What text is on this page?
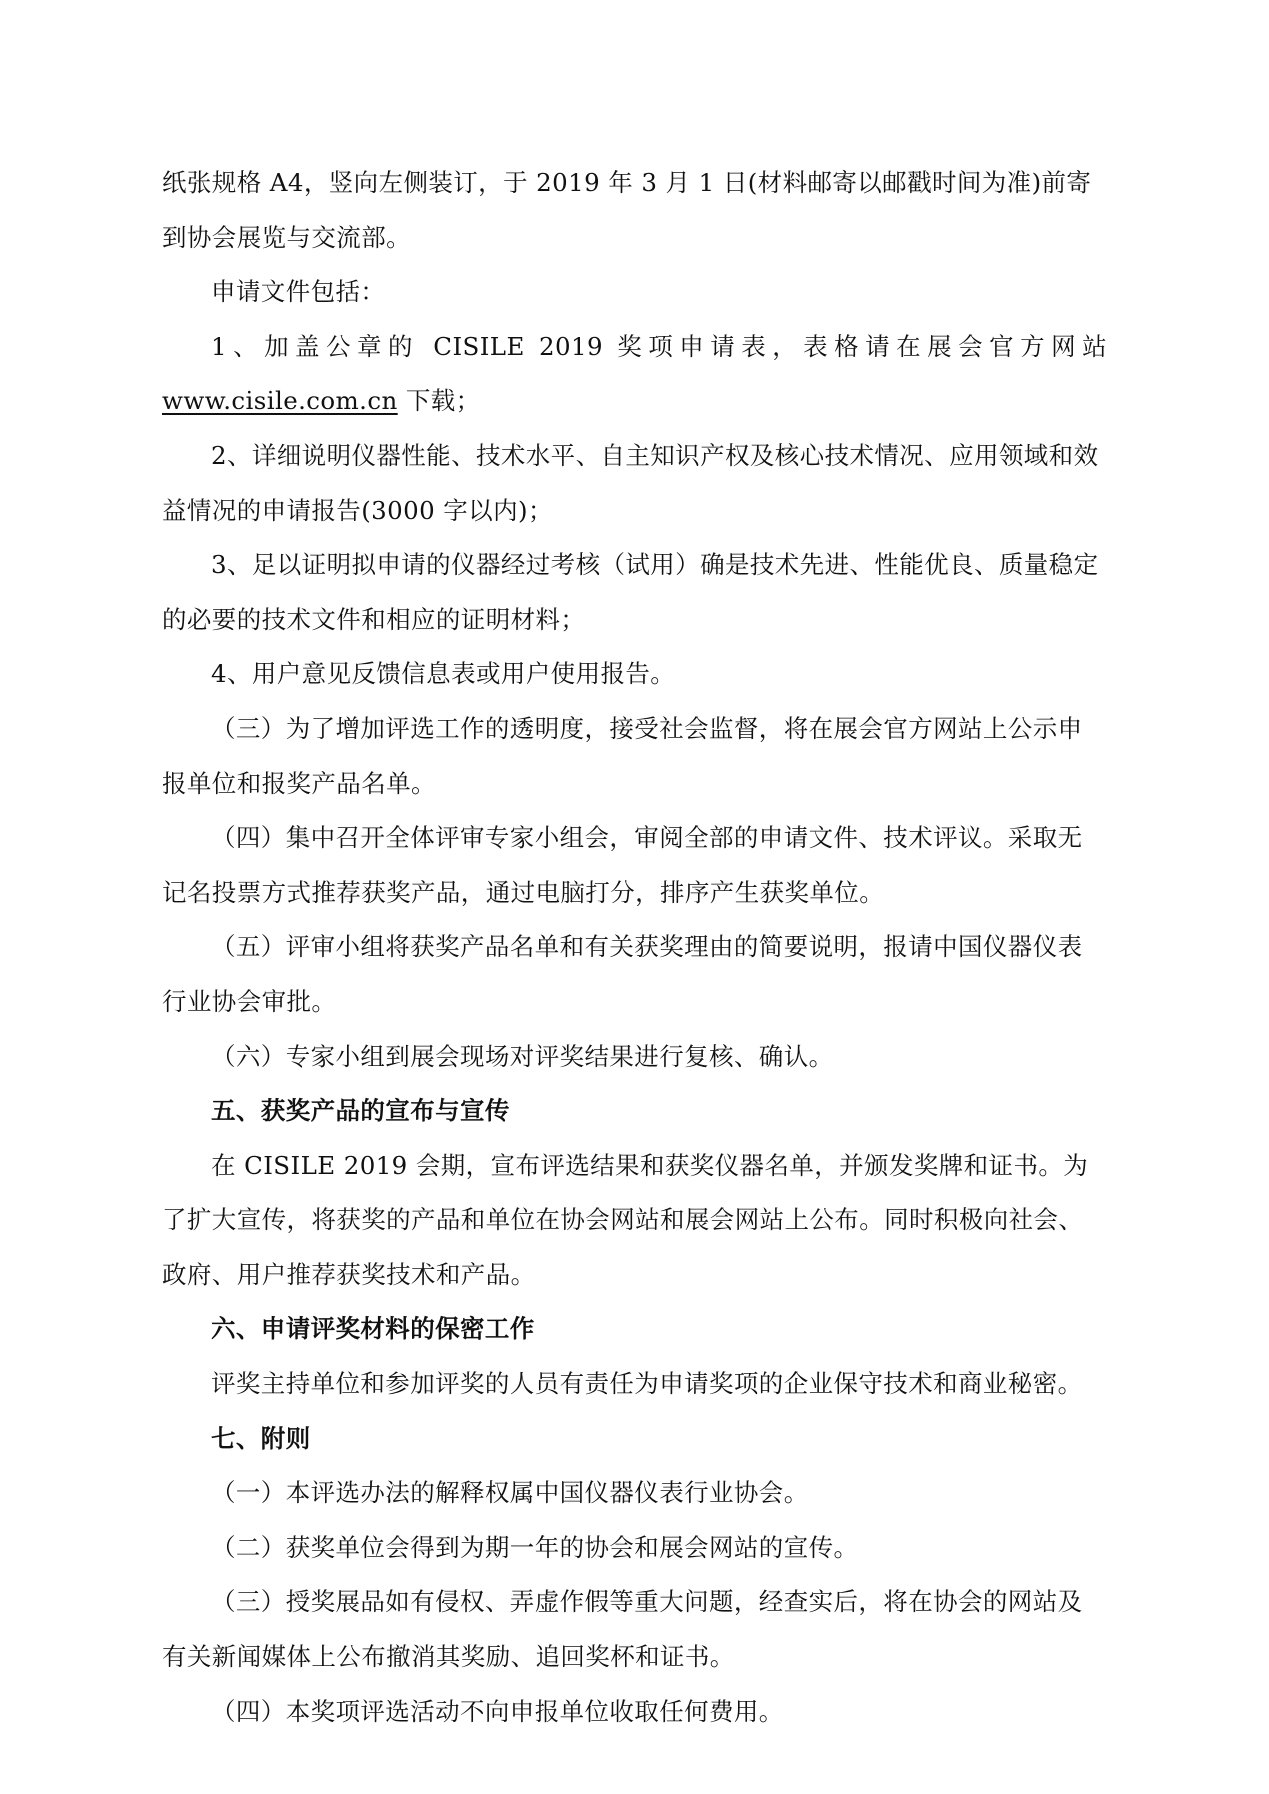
纸张规格 A4，竖向左侧装订，于 2019 年 3 月 1 日(材料邮寄以邮戳时间为准)前寄到协会展览与交流部。

申请文件包括：

1、加盖公章的 CISILE 2019 奖项申请表，表格请在展会官方网站

www.cisile.com.cn 下载；

2、详细说明仪器性能、技术水平、自主知识产权及核心技术情况、应用领域和效益情况的申请报告(3000 字以内)；

3、足以证明拟申请的仪器经过考核（试用）确是技术先进、性能优良、质量稳定的必要的技术文件和相应的证明材料；

4、用户意见反馈信息表或用户使用报告。

（三）为了增加评选工作的透明度，接受社会监督，将在展会官方网站上公示申报单位和报奖产品名单。

（四）集中召开全体评审专家小组会，审阅全部的申请文件、技术评议。采取无记名投票方式推荐获奖产品，通过电脑打分，排序产生获奖单位。

（五）评审小组将获奖产品名单和有关获奖理由的简要说明，报请中国仪器仪表行业协会审批。

（六）专家小组到展会现场对评奖结果进行复核、确认。

五、获奖产品的宣布与宣传

在 CISILE 2019 会期，宣布评选结果和获奖仪器名单，并颁发奖牌和证书。为了扩大宣传，将获奖的产品和单位在协会网站和展会网站上公布。同时积极向社会、政府、用户推荐获奖技术和产品。

六、申请评奖材料的保密工作

评奖主持单位和参加评奖的人员有责任为申请奖项的企业保守技术和商业秘密。

七、附则

（一）本评选办法的解释权属中国仪器仪表行业协会。

（二）获奖单位会得到为期一年的协会和展会网站的宣传。

（三）授奖展品如有侵权、弄虚作假等重大问题，经查实后，将在协会的网站及有关新闻媒体上公布撤消其奖励、追回奖杯和证书。

（四）本奖项评选活动不向申报单位收取任何费用。
